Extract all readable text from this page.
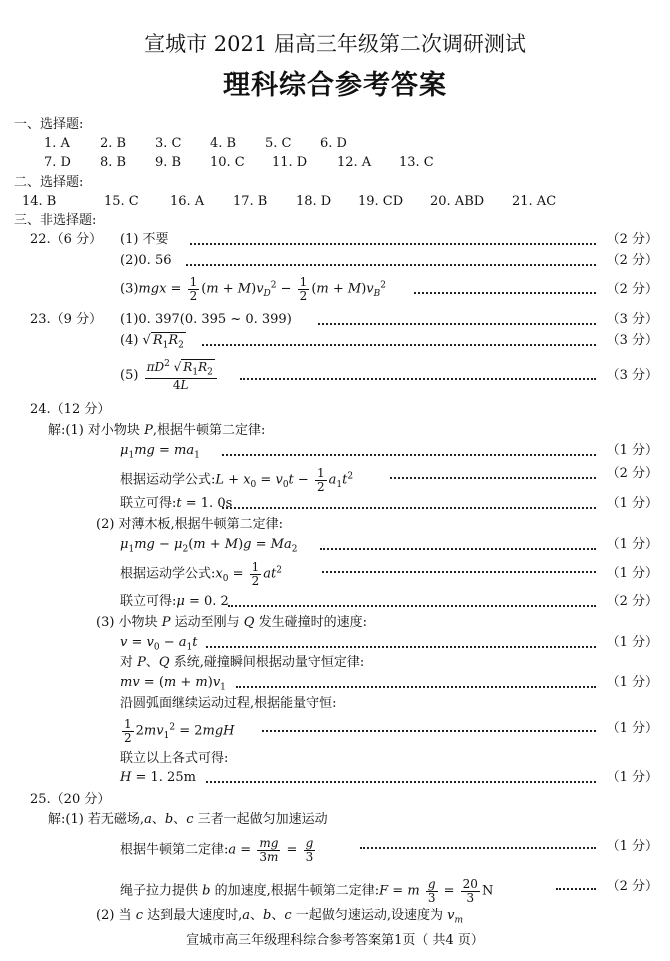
宣城市 2021 届高三年级第二次调研测试
理科综合参考答案
一、选择题:
1. A 2. B 3. C 4. B 5. C 6. D
7. D 8. B 9. B 10. C 11. D 12. A 13. C
二、选择题:
14. B	15. C 16. A 17. B 18. D 19. CD 20. ABD 21. AC
三、非选择题:
22.（6 分） (1) 不要	（2 分）
(2)0. 56	（2 分）
$(3)mgx = \frac{1}{2} (m + M)v_D^2 - \frac{1}{2} (m + M)v_B^2$	（2 分）
23.（9 分） (1)0. 397(0. 395 ~ 0. 399)	（3 分）
(4) √ $R_1R_2$	（3 分）
$(5) \frac{\pi D^2 √ R_1R_2}{4L}$	（3 分）
24.（12 分）
解:(1) 对小物块 P,根据牛顿第二定律:
$\mu_1mg = ma_1$	（1 分）
根据运动学公式:L + $x_0 = v_0t - \frac{1}{2} a_1t^2$	（2 分）
联立可得:t = 1. 0s	（1 分）
(2) 对薄木板,根据牛顿第二定律:
$\mu_1mg - \mu_2(m + M)g = Ma_2$	（1 分）
根据运动学公式$:x_0 = \frac{1}{2} at^2$	（1 分）
联立可得:μ = 0. 2	（2 分）
(3) 小物块 P 运动至刚与 Q 发生碰撞时的速度:
$v = v_0 - a_1t$	（1 分）
对 P、Q 系统,碰撞瞬间根据动量守恒定律:
mv = $(m + m)v_1$	（1 分）
沿圆弧面继续运动过程,根据能量守恒:
$\frac{1}{2} 2mv_1^2 = 2mgH$	（1 分）
联立以上各式可得:
H = 1. 25m	（1 分）
25.（20 分）
解:(1) 若无磁场,a、b、c 三者一起做匀加速运动
根据牛顿第二定律:a = $\frac{mg}{3m} = \frac{g}{3}$	（1 分）
绳子拉力提供 b 的加速度,根据牛顿第二定律:F = m $\frac{g}{3} = \frac{20}{3}$ N	（2 分）
(2) 当 c 达到最大速度时,a、b、c 一起做匀速运动,设速度为 $v_m$
宣城市高三年级理科综合参考答案第1页（ 共4 页）
